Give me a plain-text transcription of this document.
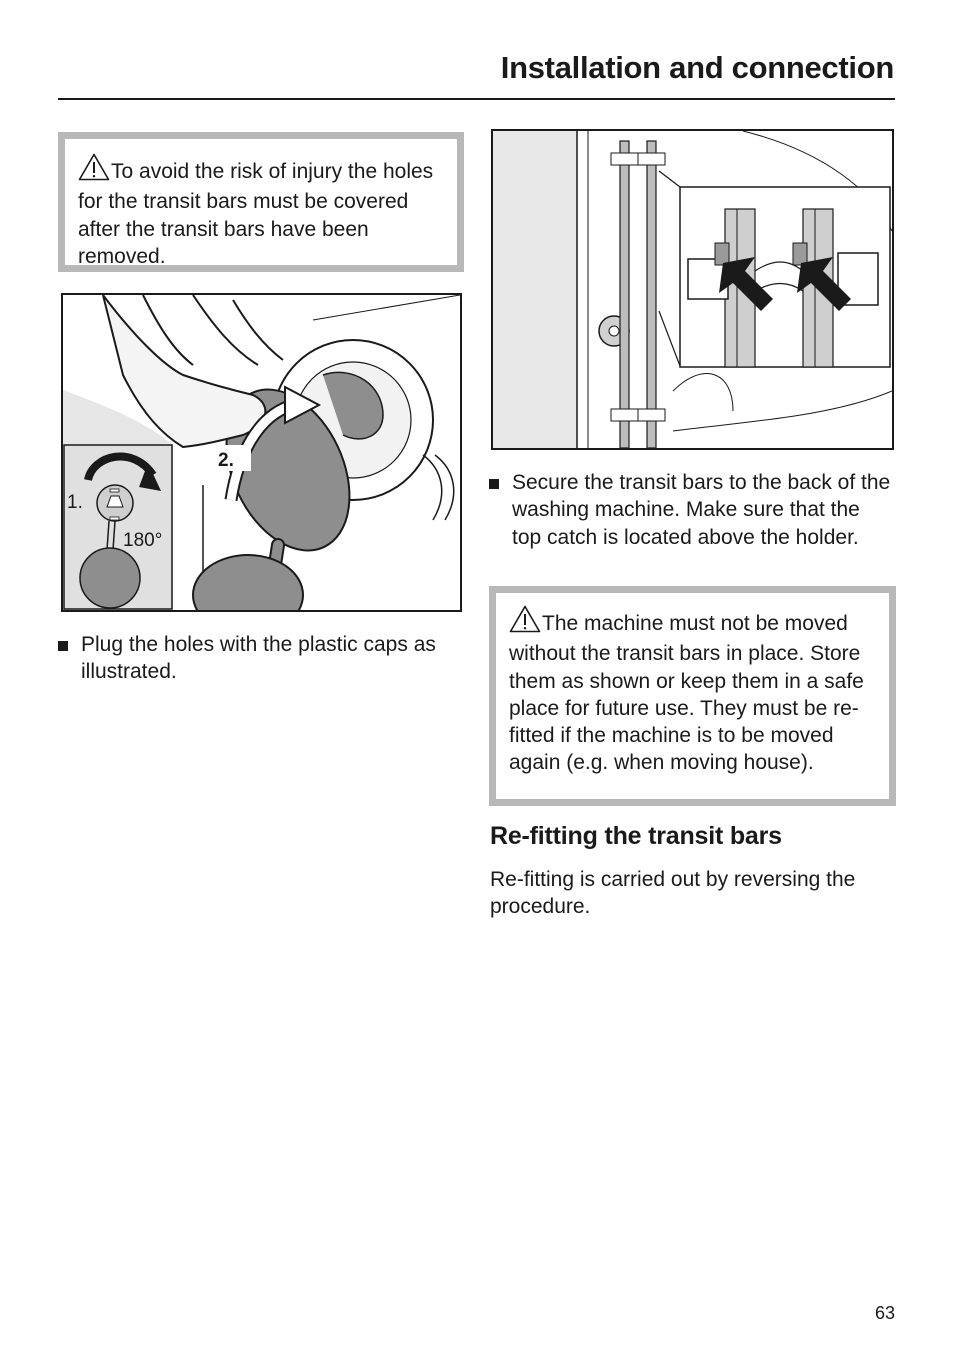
Installation and connection
To avoid the risk of injury the holes for the transit bars must be covered after the transit bars have been removed.
1.
180°
2.
Plug the holes with the plastic caps as illustrated.
Secure the transit bars to the back of the washing machine. Make sure that the top catch is located above the holder.
The machine must not be moved without the transit bars in place. Store them as shown or keep them in a safe place for future use. They must be re-fitted if the machine is to be moved again (e.g. when moving house).
Re-fitting the transit bars
Re-fitting is carried out by reversing the procedure.
63
